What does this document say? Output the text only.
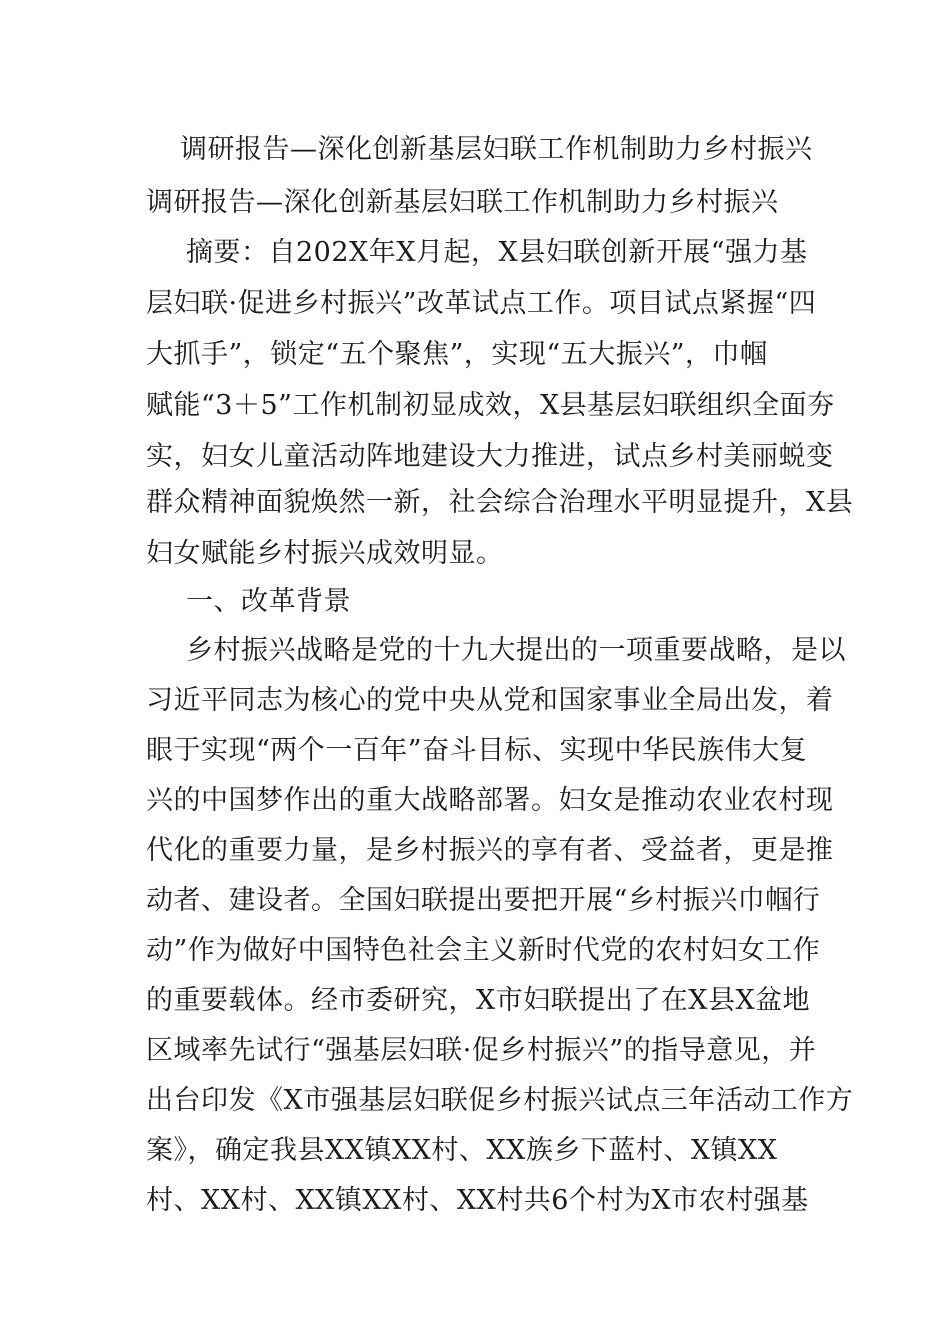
调研报告—深化创新基层妇联工作机制助力乡村振兴
调研报告—深化创新基层妇联工作机制助力乡村振兴
摘要：自202X年X月起，X县妇联创新开展“强力基
层妇联·促进乡村振兴”改革试点工作。项目试点紧握“四
大抓手”，锁定“五个聚焦”，实现“五大振兴”，巾帼
赋能“3＋5”工作机制初显成效，X县基层妇联组织全面夯
实，妇女儿童活动阵地建设大力推进，试点乡村美丽蜕变
群众精神面貌焕然一新，社会综合治理水平明显提升，X县
妇女赋能乡村振兴成效明显。
一、改革背景
乡村振兴战略是党的十九大提出的一项重要战略，是以
习近平同志为核心的党中央从党和国家事业全局出发，着
眼于实现“两个一百年”奋斗目标、实现中华民族伟大复
兴的中国梦作出的重大战略部署。妇女是推动农业农村现
代化的重要力量，是乡村振兴的享有者、受益者，更是推
动者、建设者。全国妇联提出要把开展“乡村振兴巾帼行
动”作为做好中国特色社会主义新时代党的农村妇女工作
的重要载体。经市委研究，X市妇联提出了在X县X盆地
区域率先试行“强基层妇联·促乡村振兴”的指导意见，并
出台印发《X市强基层妇联促乡村振兴试点三年活动工作方
案》，确定我县XX镇XX村、XX族乡下蓝村、X镇XX
村、XX村、XX镇XX村、XX村共6个村为X市农村强基
